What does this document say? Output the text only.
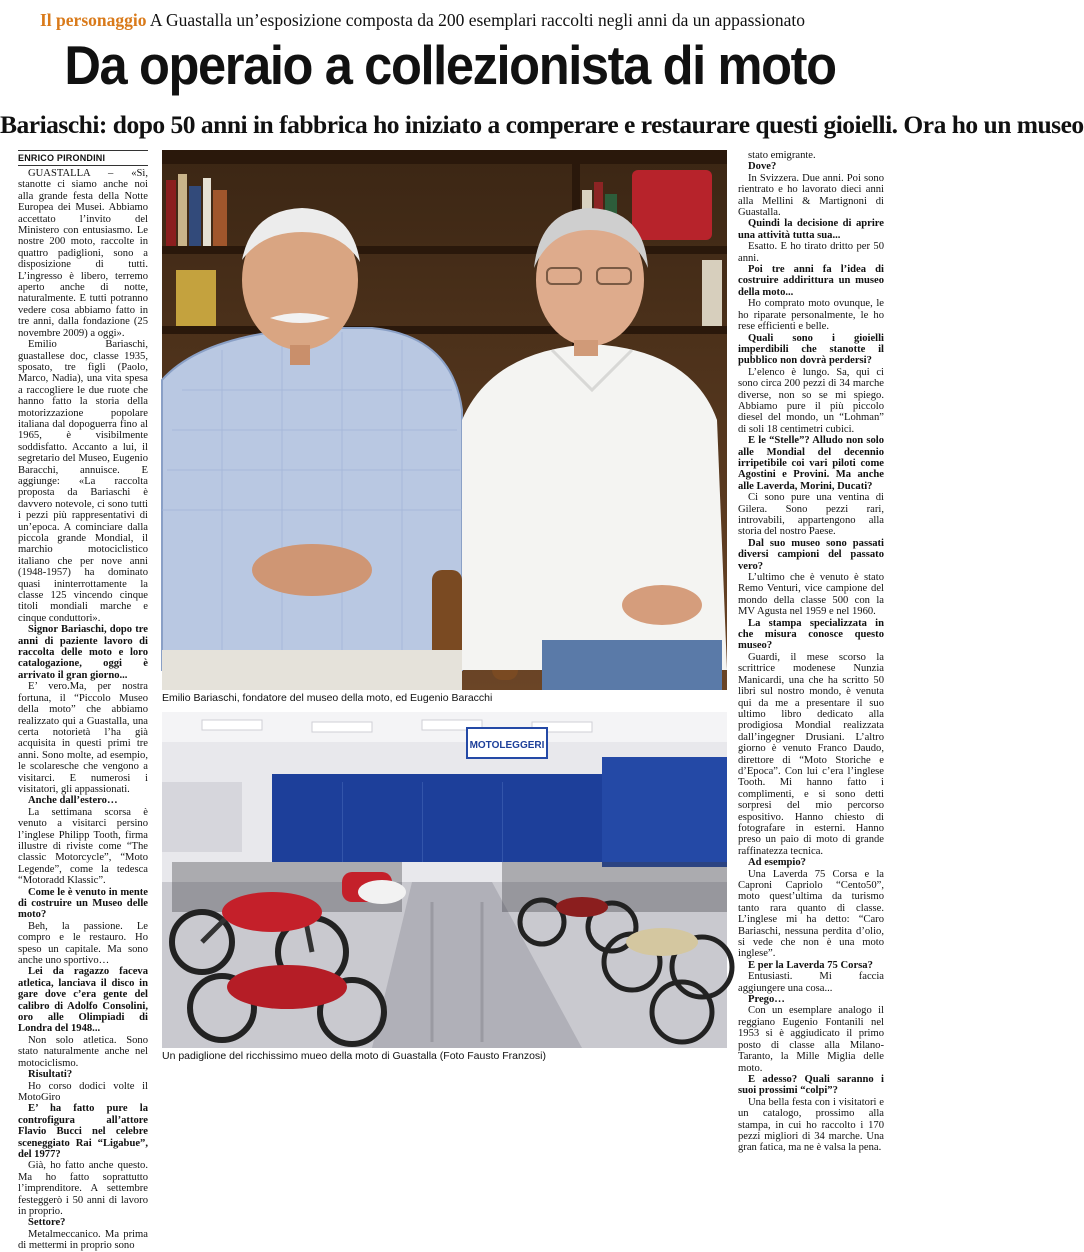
Il personaggio A Guastalla un’esposizione composta da 200 esemplari raccolti negli anni da un appassionato
Da operaio a collezionista di moto
Bariaschi: dopo 50 anni in fabbrica ho iniziato a comperare e restaurare questi gioielli. Ora ho un museo
ENRICO PIRONDINI

GUASTALLA – «Sì, stanotte ci siamo anche noi alla grande festa della Notte Europea dei Musei. Abbiamo accettato l’invito del Ministero con entusiasmo. Le nostre 200 moto, raccolte in quattro padiglioni, sono a disposizione di tutti. L’ingresso è libero, terremo aperto anche di notte, naturalmente. E tutti potranno vedere cosa abbiamo fatto in tre anni, dalla fondazione (25 novembre 2009) a oggi».

Emilio Bariaschi, guastallese doc, classe 1935, sposato, tre figli (Paolo, Marco, Nadia), una vita spesa a raccogliere le due ruote che hanno fatto la storia della motorizzazione popolare italiana dal dopoguerra fino al 1965, è visibilmente soddisfatto. Accanto a lui, il segretario del Museo, Eugenio Baracchi, annuisce. E aggiunge: «La raccolta proposta da Bariaschi è davvero notevole, ci sono tutti i pezzi più rappresentativi di un’epoca. A cominciare dalla piccola grande Mondial, il marchio motociclistico italiano che per nove anni (1948-1957) ha dominato quasi ininterrottamente la classe 125 vincendo cinque titoli mondiali marche e cinque conduttori».

Signor Bariaschi, dopo tre anni di paziente lavoro di raccolta delle moto e loro catalogazione, oggi è arrivato il gran giorno...

E’ vero.Ma, per nostra fortuna, il “Piccolo Museo della moto” che abbiamo realizzato qui a Guastalla, una certa notorietà l’ha già acquisita in questi primi tre anni. Sono molte, ad esempio, le scolaresche che vengono a visitarci. E numerosi i visitatori, gli appassionati.

Anche dall’estero…

La settimana scorsa è venuto a visitarci persino l’inglese Philipp Tooth, firma illustre di riviste come “The classic Motorcycle”, “Moto Legende”, come la tedesca “Motoradd Klassic”.

Come le è venuto in mente di costruire un Museo delle moto?

Beh, la passione. Le compro e le restauro. Ho speso un capitale. Ma sono anche uno sportivo…

Lei da ragazzo faceva atletica, lanciava il disco in gare dove c’era gente del calibro di Adolfo Consolini, oro alle Olimpiadi di Londra del 1948...

Non solo atletica. Sono stato naturalmente anche nel motociclismo.

Risultati?

Ho corso dodici volte il MotoGiro

E’ ha fatto pure la controfigura all’attore Flavio Bucci nel celebre sceneggiato Rai “Ligabue”, del 1977?

Già, ho fatto anche questo. Ma ho fatto soprattutto l’imprenditore. A settembre festeggerò i 50 anni di lavoro in proprio.

Settore?

Metalmeccanico. Ma prima di mettermi in proprio sono

stato emigrante.

Dove?

In Svizzera. Due anni. Poi sono rientrato e ho lavorato dieci anni alla Mellini & Martignoni di Guastalla.

Quindi la decisione di aprire una attività tutta sua...

Esatto. E ho tirato dritto per 50 anni.

Poi tre anni fa l’idea di costruire addirittura un museo della moto...

Ho comprato moto ovunque, le ho riparate personalmente, le ho rese efficienti e belle.

Quali sono i gioielli imperdibili che stanotte il pubblico non dovrà perdersi?

L’elenco è lungo. Sa, qui ci sono circa 200 pezzi di 34 marche diverse, non so se mi spiego. Abbiamo pure il più piccolo diesel del mondo, un “Lohman” di soli 18 centimetri cubici.

E le “Stelle”? Alludo non solo alle Mondial del decennio irripetibile coi vari piloti come Agostini e Provini. Ma anche alle Laverda, Morini, Ducati?

Ci sono pure una ventina di Gilera. Sono pezzi rari, introvabili, appartengono alla storia del nostro Paese.

Dal suo museo sono passati diversi campioni del passato vero?

L’ultimo che è venuto è stato Remo Venturi, vice campione del mondo della classe 500 con la MV Agusta nel 1959 e nel 1960.

La stampa specializzata in che misura conosce questo museo?

Guardi, il mese scorso la scrittrice modenese Nunzia Manicardi, una che ha scritto 50 libri sul nostro mondo, è venuta qui da me a presentare il suo ultimo libro dedicato alla prodigiosa Mondial realizzata dall’ingegner Drusiani. L’altro giorno è venuto Franco Daudo, direttore di “Moto Storiche e d’Epoca”. Con lui c’era l’inglese Tooth. Mi hanno fatto i complimenti, e si sono detti sorpresi del mio percorso espositivo. Hanno chiesto di fotografare in esterni. Hanno preso un paio di moto di grande raffinatezza tecnica.

Ad esempio?

Una Laverda 75 Corsa e la Caproni Capriolo “Cento50”, moto quest’ultima da turismo tanto rara quanto di classe. L’inglese mi ha detto: “Caro Bariaschi, nessuna perdita d’olio, si vede che non è una moto inglese”.

E per la Laverda 75 Corsa?

Entusiasti. Mi faccia aggiungere una cosa...

Prego…

Con un esemplare analogo il reggiano Eugenio Fontanili nel 1953 si è aggiudicato il primo posto di classe alla Milano-Taranto, la Mille Miglia delle moto.

E adesso? Quali saranno i suoi prossimi “colpi”?

Una bella festa con i visitatori e un catalogo, prossimo alla stampa, in cui ho raccolto i 170 pezzi migliori di 34 marche. Una gran fatica, ma ne è valsa la pena.

Emilio Bariaschi, fondatore del museo della moto, ed Eugenio Baracchi
MOTOLEGGERI
Un padiglione del ricchissimo mueo della moto di Guastalla (Foto Fausto Franzosi)
